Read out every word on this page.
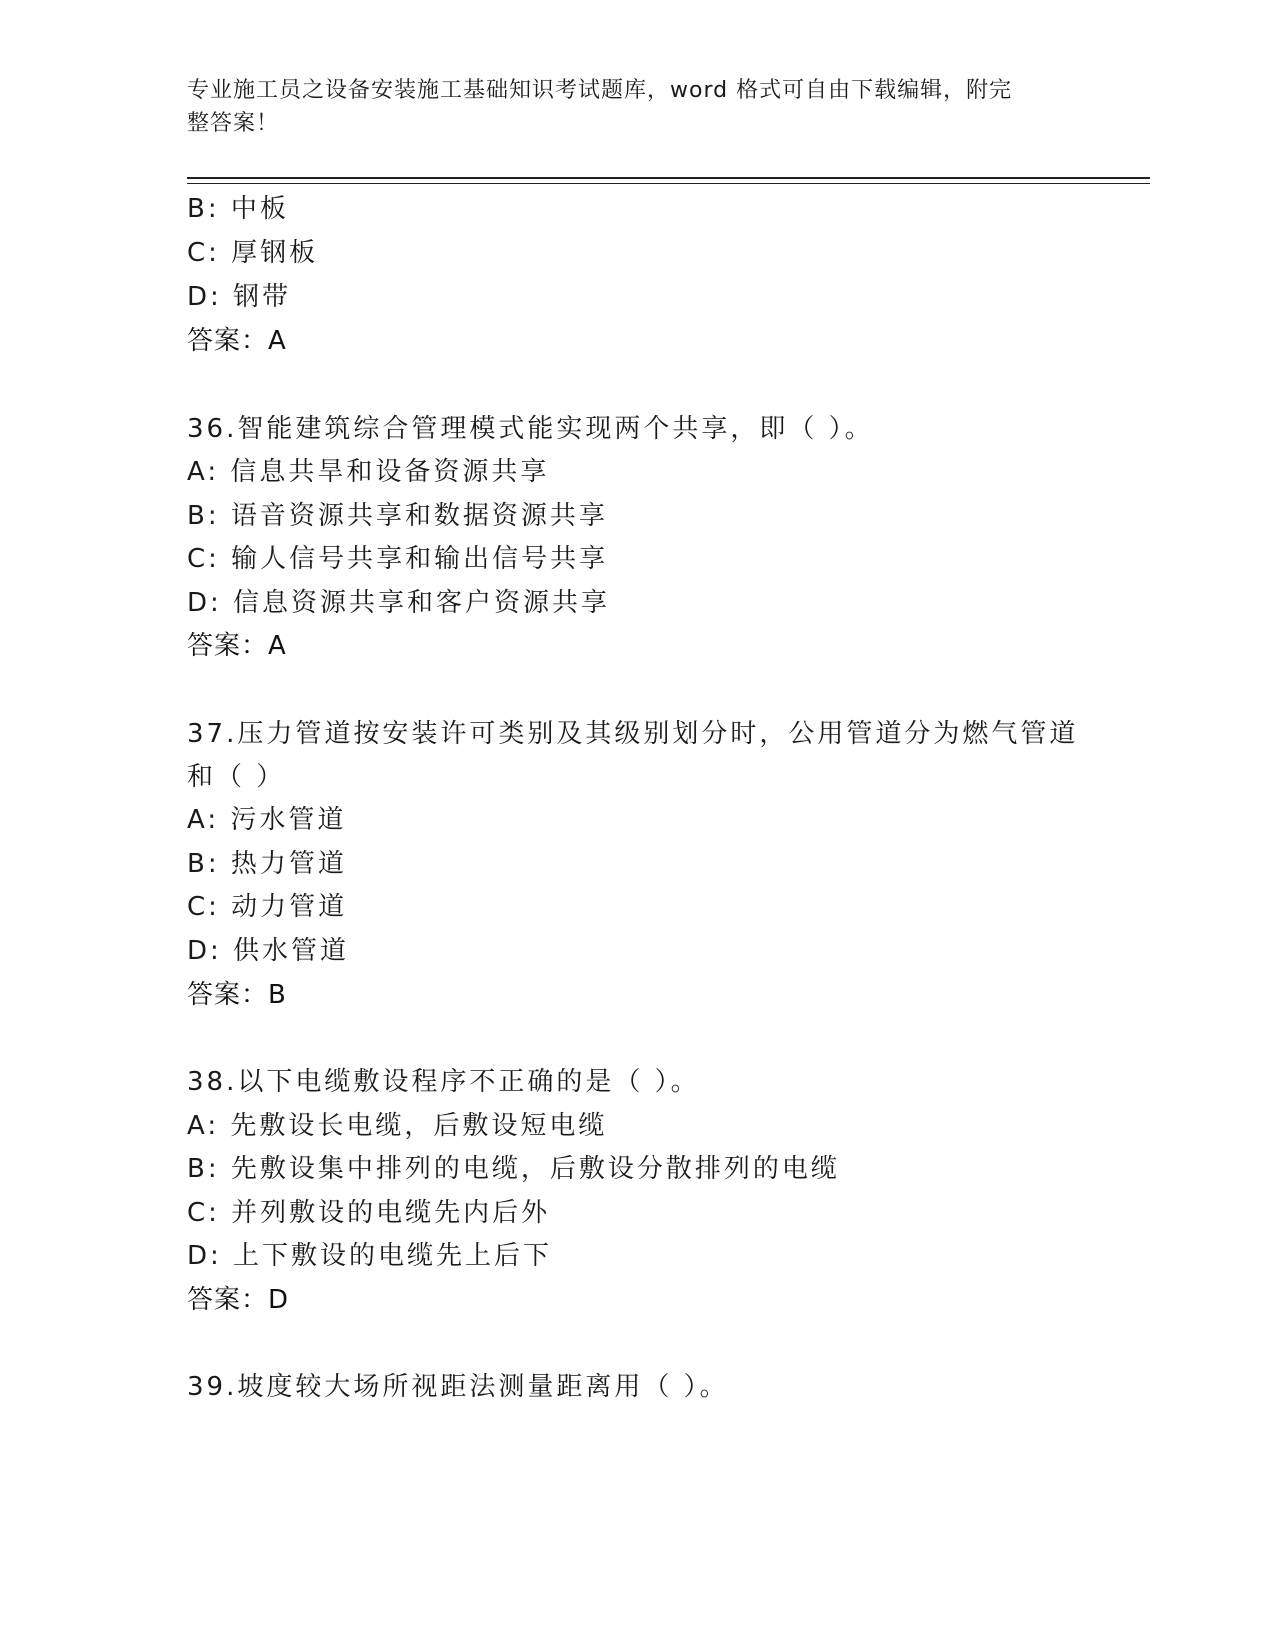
专业施工员之设备安装施工基础知识考试题库，word 格式可自由下载编辑，附完
整答案！
B: 中板
C: 厚钢板
D: 钢带
答案：A
36.智能建筑综合管理模式能实现两个共享，即（ ）。
A: 信息共旱和设备资源共享
B: 语音资源共享和数据资源共享
C: 输人信号共享和输出信号共享
D: 信息资源共享和客户资源共享
答案：A
37.压力管道按安装许可类别及其级别划分时，公用管道分为燃气管道
和（ ）
A: 污水管道
B: 热力管道
C: 动力管道
D: 供水管道
答案：B
38.以下电缆敷设程序不正确的是（ ）。
A: 先敷设长电缆，后敷设短电缆
B: 先敷设集中排列的电缆，后敷设分散排列的电缆
C: 并列敷设的电缆先内后外
D: 上下敷设的电缆先上后下
答案：D
39.坡度较大场所视距法测量距离用（ ）。
